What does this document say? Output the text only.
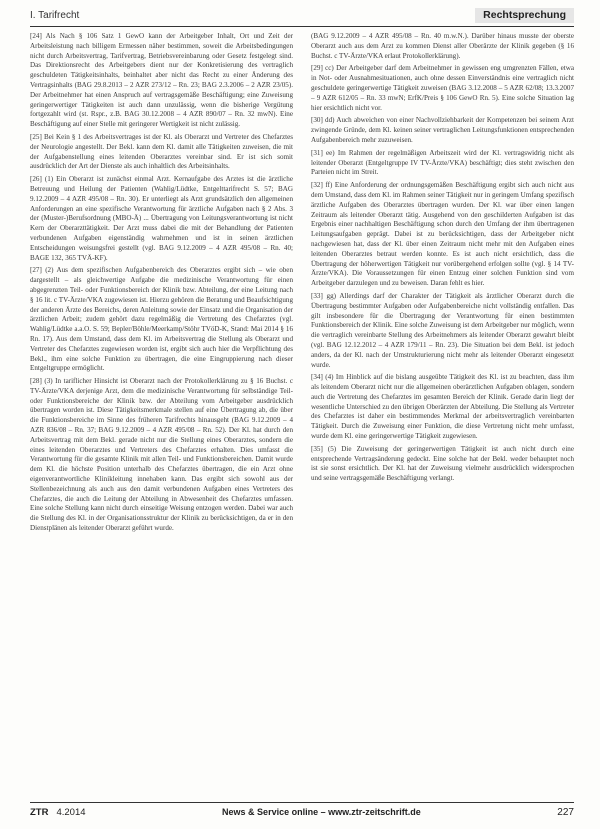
I. Tarifrecht	Rechtsprechung

[24] Als Nach § 106 Satz 1 GewO kann der Arbeitgeber Inhalt, Ort und Zeit der Arbeitsleistung nach billigem Ermessen näher bestimmen, soweit die Arbeitsbedingungen nicht durch Arbeitsvertrag, Tarifvertrag, Betriebsvereinbarung oder Gesetz festgelegt sind. Das Direktionsrecht des Arbeitgebers dient nur der Konkretisierung des vertraglich geschuldeten Tätigkeitsinhalts, beinhaltet aber nicht das Recht zu einer Änderung des Vertragsinhalts (BAG 29.8.2013 – 2 AZR 273/12 – Rn. 23; BAG 2.3.2006 – 2 AZR 23/05). Der Arbeitnehmer hat einen Anspruch auf vertragsgemäße Beschäftigung; eine Zuweisung geringerwertiger Tätigkeiten ist auch dann unzulässig, wenn die bisherige Vergütung fortgezahlt wird (st. Rspr., z.B. BAG 30.12.2008 – 4 AZR 890/07 – Rn. 32 mwN). Eine Beschäftigung auf einer Stelle mit geringerer Wertigkeit ist nicht zulässig.

[25] Bei Kein § 1 des Arbeitsvertrages ist der Kl. als Oberarzt und Vertreter des Chefarztes der Neurologie angestellt. Der Bekl. kann dem Kl. damit alle Tätigkeiten zuweisen, die mit der Aufgabenstellung eines leitenden Oberarztes vereinbar sind. Er ist sich somit ausdrücklich der Art der Dienste als auch inhaltlich des Arbeitsinhalts.

[26] (1) Ein Oberarzt ist zunächst einmal Arzt. Kernaufgabe des Arztes ist die ärztliche Betreuung und Heilung der Patienten (Wahlig/Lüdtke, Entgelttarifrecht S. 57; BAG 9.12.2009 – 4 AZR 495/08 – Rn. 30). Er unterliegt als Arzt grundsätzlich den allgemeinen Anforderungen an eine spezifische Verantwortung für ärztliche Aufgaben nach § 2 Abs. 3 der (Muster-)Berufsordnung (MBO-Ä) ... Übertragung von Leitungsverantwortung ist nicht Kern der Oberarzttätigkeit. Der Arzt muss dabei die mit der Behandlung der Patienten verbundenen Aufgaben eigenständig wahrnehmen und ist in seinen ärztlichen Entscheidungen weisungsfrei gestellt (vgl. BAG 9.12.2009 – 4 AZR 495/08 – Rn. 40; BAGE 132, 365 TVÄ-KF).

[27] (2) Aus dem spezifischen Aufgabenbereich des Oberarztes ergibt sich – wie oben dargestellt – als gleichwertige Aufgabe die medizinische Verantwortung für einen abgegrenzten Teil- oder Funktionsbereich der Klinik bzw. Abteilung, der eine Leitung nach § 16 lit. c TV-Ärzte/VKA zugewiesen ist. Hierzu gehören die Beratung und Beaufsichtigung der anderen Ärzte des Bereichs, deren Anleitung sowie der Einsatz und die Organisation der ärztlichen Arbeit; zudem gehört dazu regelmäßig die Vertretung des Chefarztes (vgl. Wahlig/Lüdtke a.a.O. S. 59; Bepler/Böhle/Meerkamp/Stöhr TVöD-K, Stand: Mai 2014 § 16 Rn. 17). Aus dem Umstand, dass dem Kl. im Arbeitsvertrag die Stellung als Oberarzt und Vertreter des Chefarztes zugewiesen worden ist, ergibt sich auch hier die Verpflichtung des Bekl., ihm eine solche Funktion zu übertragen, die eine Eingruppierung nach dieser Entgeltgruppe ermöglicht.

[28] (3) In tariflicher Hinsicht ist Oberarzt nach der Protokollerklärung zu § 16 Buchst. c TV-Ärzte/VKA derjenige Arzt, dem die medizinische Verantwortung für selbständige Teil- oder Funktionsbereiche der Klinik bzw. der Abteilung vom Arbeitgeber ausdrücklich übertragen worden ist. Diese Tätigkeitsmerkmale stellen auf eine Übertragung ab, die über die Funktionsbereiche im Sinne des früheren Tarifrechts hinausgeht (BAG 9.12.2009 – 4 AZR 836/08 – Rn. 37; BAG 9.12.2009 – 4 AZR 495/08 – Rn. 52). Der Kl. hat durch den Arbeitsvertrag mit dem Bekl. gerade nicht nur die Stellung eines Oberarztes, sondern die eines leitenden Oberarztes und Vertreters des Chefarztes erhalten. Dies umfasst die Verantwortung für die gesamte Klinik mit allen Teil- und Funktionsbereichen. Damit wurde dem Kl. die höchste Position unterhalb des Chefarztes übertragen, die ein Arzt ohne eigenverantwortliche Klinikleitung innehaben kann. Das ergibt sich sowohl aus der Stellenbezeichnung als auch aus den damit verbundenen Aufgaben eines Vertreters des Chefarztes, die auch die Leitung der Abteilung in Abwesenheit des Chefarztes umfassen. Eine solche Stellung kann nicht durch einseitige Weisung entzogen werden. Dabei war auch die Stellung des Kl. in der Organisationsstruktur der Klinik zu berücksichtigen, da er in den Dienstplänen als leitender Oberarzt geführt wurde.

(BAG 9.12.2009 – 4 AZR 495/08 – Rn. 40 m.w.N.). Darüber hinaus musste der oberste Oberarzt auch aus dem Arzt zu kommen Dienst aller Oberärzte der Klinik gegeben (§ 16 Buchst. c TV-Ärzte/VKA erlaut Protokollerklärung).

[29] cc) Der Arbeitgeber darf dem Arbeitnehmer in gewissen eng umgrenzten Fällen, etwa in Not- oder Ausnahmesituationen, auch ohne dessen Einverständnis eine vertraglich nicht geschuldete geringerwertige Tätigkeit zuweisen (BAG 3.12.2008 – 5 AZR 62/08; 13.3.2007 – 9 AZR 612/05 – Rn. 33 mwN; ErfK/Preis § 106 GewO Rn. 5). Eine solche Situation lag hier ersichtlich nicht vor.

[30] dd) Auch abweichen von einer Nachvollziehbarkeit der Kompetenzen bei seinem Arzt zwingende Gründe, dem Kl. keinen seiner vertraglichen Leitungsfunktionen entsprechenden Aufgabenbereich mehr zuzuweisen.

[31] ee) Im Rahmen der regelmäßigen Arbeitszeit wird der Kl. vertragswidrig nicht als leitender Oberarzt (Entgeltgruppe IV TV-Ärzte/VKA) beschäftigt; dies steht zwischen den Parteien nicht im Streit.

[32] ff) Eine Anforderung der ordnungsgemäßen Beschäftigung ergibt sich auch nicht aus dem Umstand, dass dem Kl. im Rahmen seiner Tätigkeit nur in geringem Umfang spezifisch ärztliche Aufgaben des Oberarztes übertragen wurden. Der Kl. war über einen langen Zeitraum als leitender Oberarzt tätig. Ausgehend von den geschilderten Aufgaben ist das Ergebnis einer nachhaltigen Beschäftigung schon durch den Umfang der ihm übertragenen Leitungsaufgaben geprägt. Dabei ist zu berücksichtigen, dass der Arbeitgeber nicht nachgewiesen hat, dass der Kl. über einen Zeitraum nicht mehr mit den Aufgaben eines leitenden Oberarztes betraut werden konnte. Es ist auch nicht ersichtlich, dass die Übertragung der höherwertigen Tätigkeit nur vorübergehend erfolgen sollte (vgl. § 14 TV-Ärzte/VKA). Die Voraussetzungen für einen Entzug einer solchen Funktion sind vom Arbeitgeber darzulegen und zu beweisen. Daran fehlt es hier.

[33] gg) Allerdings darf der Charakter der Tätigkeit als ärztlicher Oberarzt durch die Übertragung bestimmter Aufgaben oder Aufgabenbereiche nicht vollständig entfallen. Das gilt insbesondere für die Übertragung der Verantwortung für einen bestimmten Funktionsbereich der Klinik. Eine solche Zuweisung ist dem Arbeitgeber nur möglich, wenn die vertraglich vereinbarte Stellung des Arbeitnehmers als leitender Oberarzt gewahrt bleibt (vgl. BAG 12.12.2012 – 4 AZR 179/11 – Rn. 23). Die Situation bei dem Bekl. ist jedoch anders, da der Kl. nach der Umstrukturierung nicht mehr als leitender Oberarzt eingesetzt wurde.

[34] (4) Im Hinblick auf die bislang ausgeübte Tätigkeit des Kl. ist zu beachten, dass ihm als leitendem Oberarzt nicht nur die allgemeinen oberärztlichen Aufgaben oblagen, sondern auch die Vertretung des Chefarztes im gesamten Bereich der Klinik. Gerade darin liegt der wesentliche Unterschied zu den übrigen Oberärzten der Abteilung. Die Stellung als Vertreter des Chefarztes ist daher ein bestimmendes Merkmal der arbeitsvertraglich vereinbarten Tätigkeit. Durch die Zuweisung einer Funktion, die diese Vertretung nicht mehr umfasst, wurde dem Kl. eine geringerwertige Tätigkeit zugewiesen.

[35] (5) Die Zuweisung der geringerwertigen Tätigkeit ist auch nicht durch eine entsprechende Vertragsänderung gedeckt. Eine solche hat der Bekl. weder behauptet noch ist sie sonst ersichtlich. Der Kl. hat der Zuweisung vielmehr ausdrücklich widersprochen und seine vertragsgemäße Beschäftigung verlangt.

ZTR 4.2014	News & Service online – www.ztr-zeitschrift.de	227
